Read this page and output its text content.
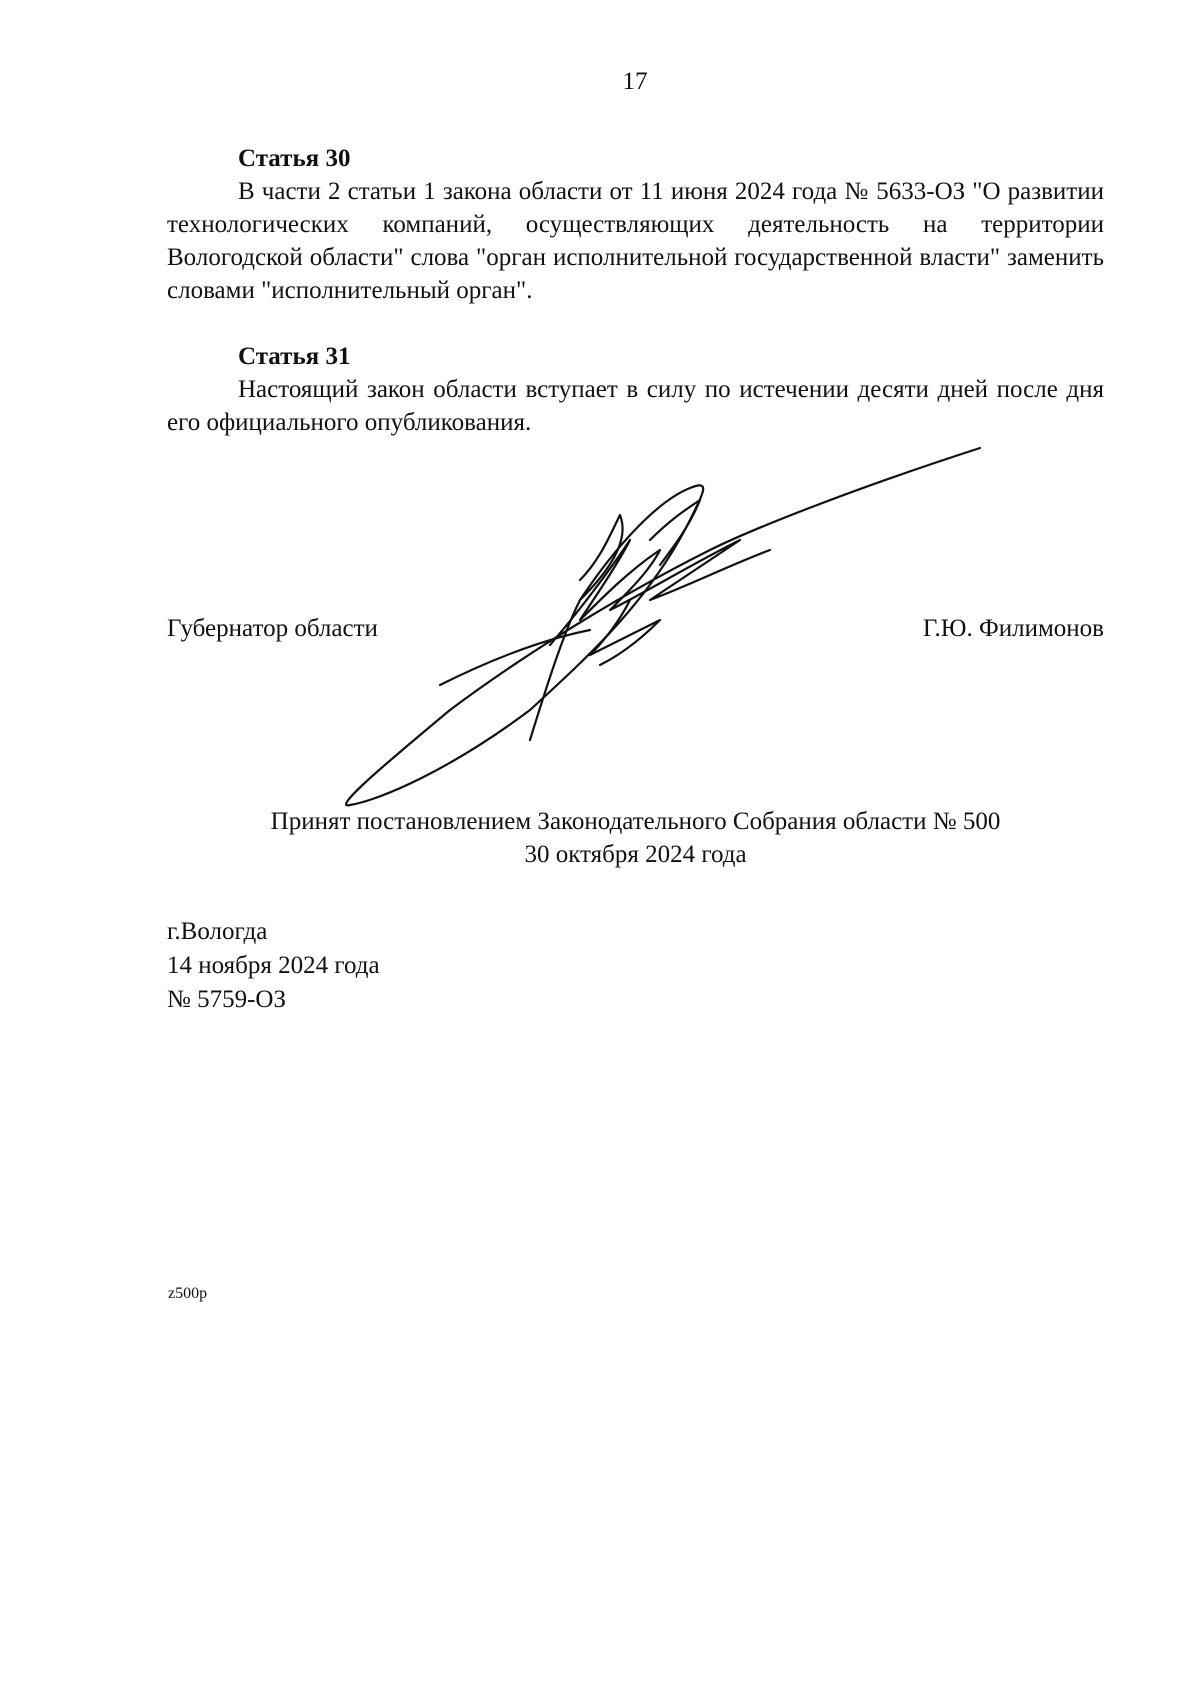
17

Статья 30

В части 2 статьи 1 закона области от 11 июня 2024 года № 5633-ОЗ "О развитии технологических компаний, осуществляющих деятельность на территории Вологодской области" слова "орган исполнительной государственной власти" заменить словами "исполнительный орган".

Статья 31

Настоящий закон области вступает в силу по истечении десяти дней после дня его официального опубликования.

Губернатор области	Г.Ю. Филимонов
Принят постановлением Законодательного Собрания области № 500
30 октября 2024 года
г.Вологда
14 ноября 2024 года
№ 5759-ОЗ
z500p
